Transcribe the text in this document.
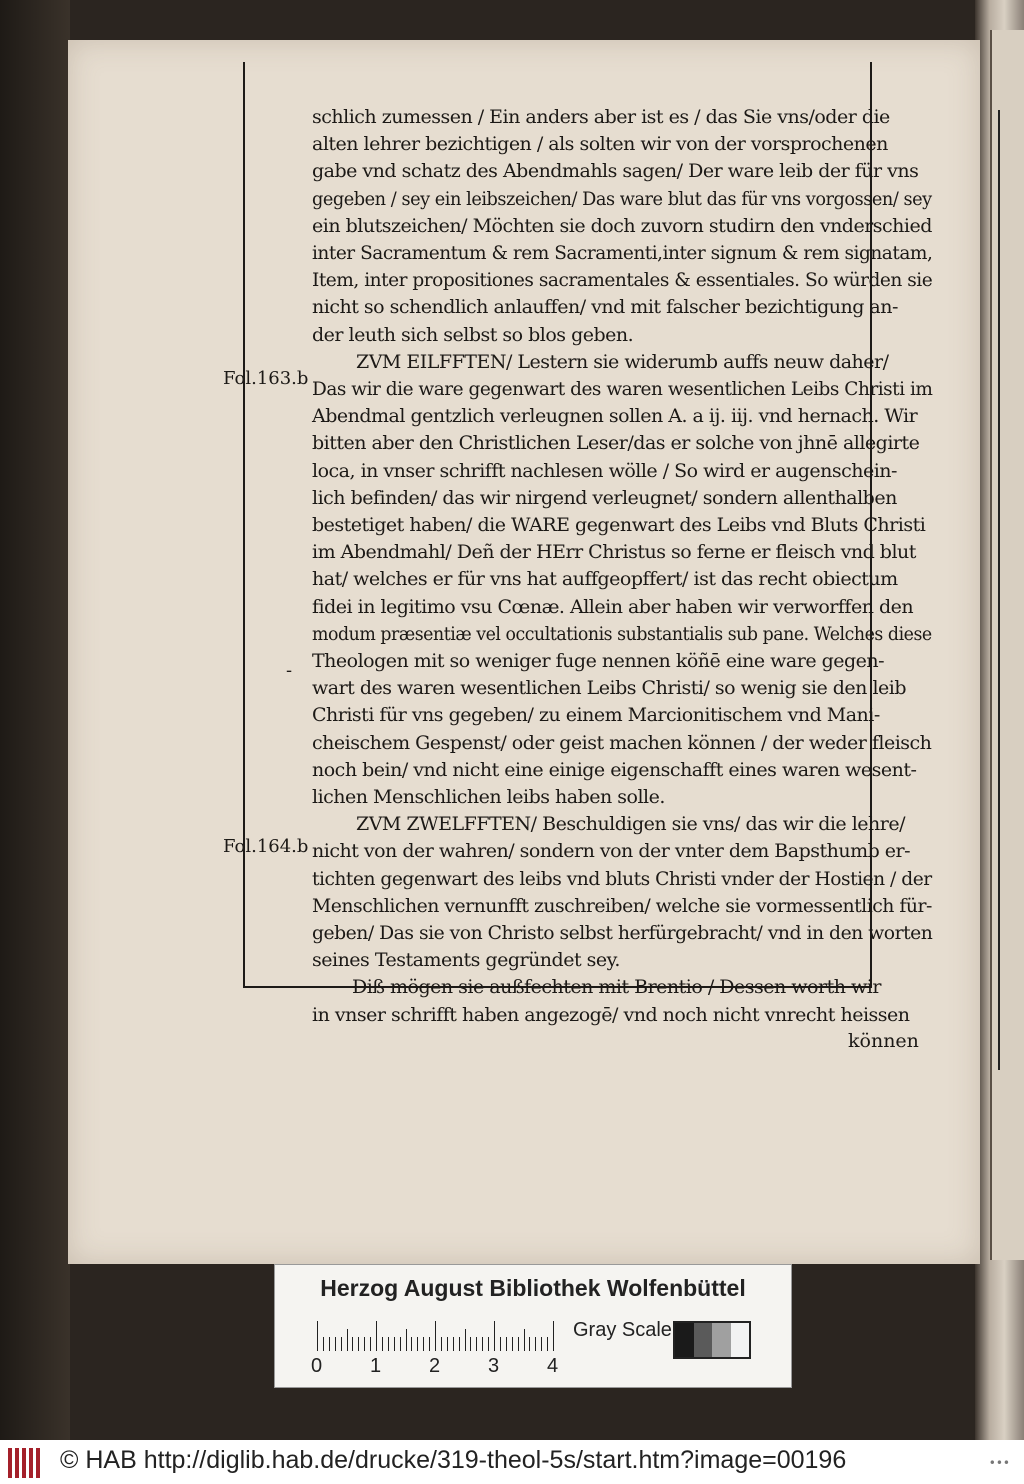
Fol.163.b
Fol.164.b
-
schlich zumessen / Ein anders aber ist es / das Sie vns/oder die
alten lehrer bezichtigen / als solten wir von der vorsprochenen
gabe vnd schatz des Abendmahls sagen/ Der ware leib der für vns
gegeben / sey ein leibszeichen/ Das ware blut das für vns vorgossen/ sey
ein blutszeichen/ Möchten sie doch zuvorn studirn den vnderschied
inter Sacramentum & rem Sacramenti,inter signum & rem signatam,
Item, inter propositiones sacramentales & essentiales. So würden sie
nicht so schendlich anlauffen/ vnd mit falscher bezichtigung an-
der leuth sich selbst so blos geben.
ZVM EILFFTEN/ Lestern sie widerumb auffs neuw daher/
Das wir die ware gegenwart des waren wesentlichen Leibs Christi im
Abendmal gentzlich verleugnen sollen A. a ij. iij. vnd hernach. Wir
bitten aber den Christlichen Leser/das er solche von jhnē allegirte
loca, in vnser schrifft nachlesen wölle / So wird er augenschein-
lich befinden/ das wir nirgend verleugnet/ sondern allenthalben
bestetiget haben/ die WARE gegenwart des Leibs vnd Bluts Christi
im Abendmahl/ Deñ der HErr Christus so ferne er fleisch vnd blut
hat/ welches er für vns hat auffgeopffert/ ist das recht obiectum
fidei in legitimo vsu Cœnæ. Allein aber haben wir verworffen den
modum præsentiæ vel occultationis substantialis sub pane. Welches diese
Theologen mit so weniger fuge nennen köñē eine ware gegen-
wart des waren wesentlichen Leibs Christi/ so wenig sie den leib
Christi für vns gegeben/ zu einem Marcionitischem vnd Mani-
cheischem Gespenst/ oder geist machen können / der weder fleisch
noch bein/ vnd nicht eine einige eigenschafft eines waren wesent-
lichen Menschlichen leibs haben solle.
ZVM ZWELFFTEN/ Beschuldigen sie vns/ das wir die lehre/
nicht von der wahren/ sondern von der vnter dem Bapsthumb er-
tichten gegenwart des leibs vnd bluts Christi vnder der Hostien / der
Menschlichen vernunfft zuschreiben/ welche sie vormessentlich für-
geben/ Das sie von Christo selbst herfürgebracht/ vnd in den worten
seines Testaments gegründet sey.
Diß mögen sie außfechten mit Brentio / Dessen worth wir
in vnser schrifft haben angezogē/ vnd noch nicht vnrecht heissen
können
Herzog August Bibliothek Wolfenbüttel
0 1 2 3 4
Gray Scale
© HAB http://diglib.hab.de/drucke/319-theol-5s/start.htm?image=00196	•••
